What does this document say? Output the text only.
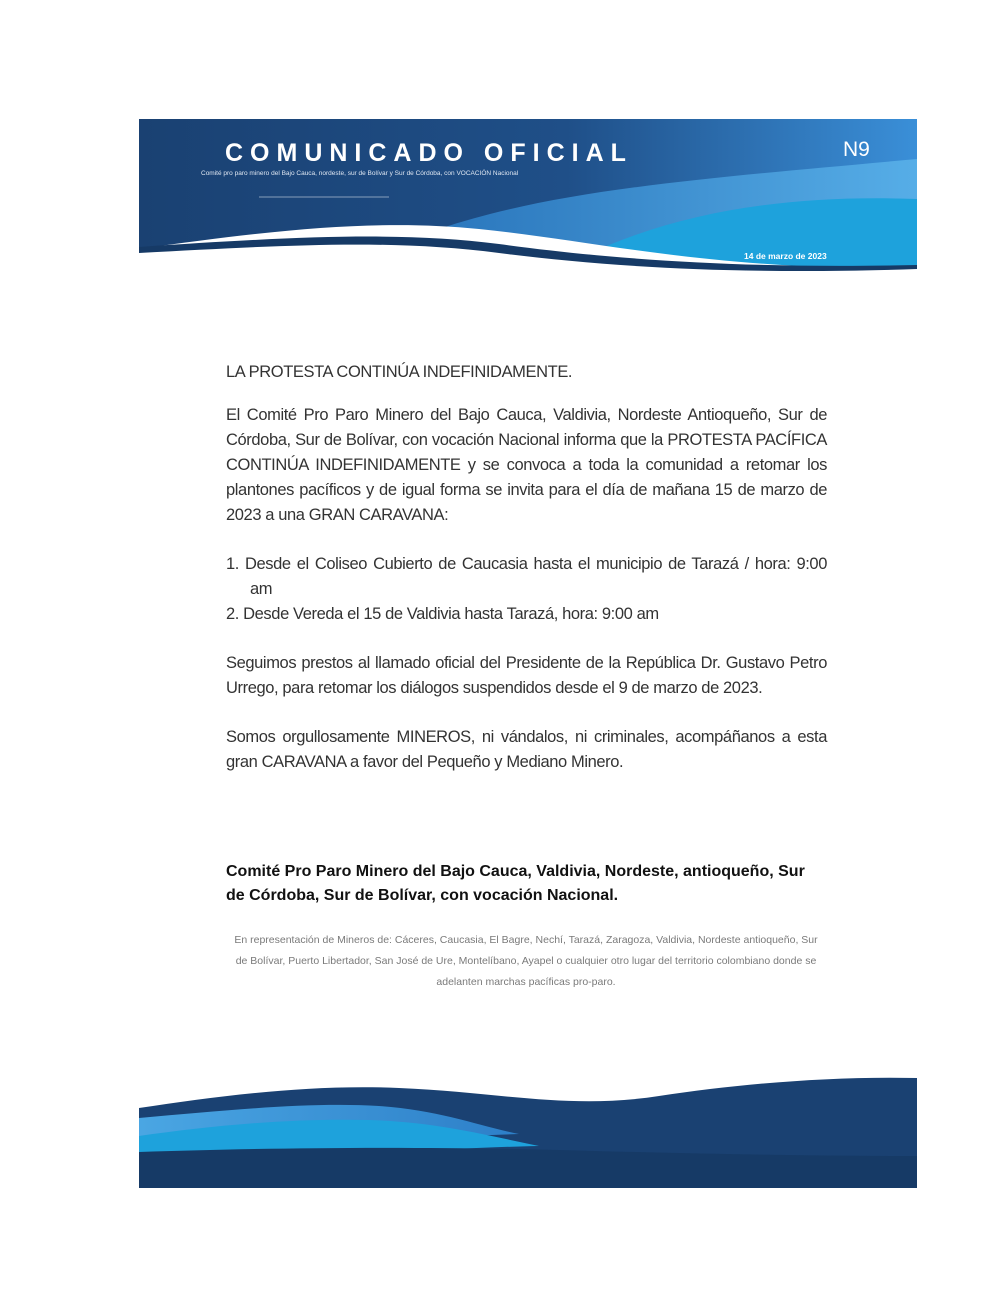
COMUNICADO OFICIAL
Comité pro paro minero del Bajo Cauca, nordeste, sur de Bolívar y Sur de Córdoba, con VOCACIÓN Nacional
N9
14 de marzo de 2023

LA PROTESTA CONTINÚA INDEFINIDAMENTE.

El Comité Pro Paro Minero del Bajo Cauca, Valdivia, Nordeste Antioqueño, Sur de Córdoba, Sur de Bolívar, con vocación Nacional informa que la PROTESTA PACÍFICA CONTINÚA INDEFINIDAMENTE y se convoca a toda la comunidad a retomar los plantones pacíficos y de igual forma se invita para el día de mañana 15 de marzo de 2023 a una GRAN CARAVANA:

1. Desde el Coliseo Cubierto de Caucasia hasta el municipio de Tarazá / hora: 9:00 am
2. Desde Vereda el 15 de Valdivia hasta Tarazá, hora: 9:00 am

Seguimos prestos al llamado oficial del Presidente de la República Dr. Gustavo Petro Urrego, para retomar los diálogos suspendidos desde el 9 de marzo de 2023.

Somos orgullosamente MINEROS, ni vándalos, ni criminales, acompáñanos a esta gran CARAVANA a favor del Pequeño y Mediano Minero.

Comité Pro Paro Minero del Bajo Cauca, Valdivia, Nordeste, antioqueño, Sur de Córdoba, Sur de Bolívar, con vocación Nacional.
En representación de Mineros de: Cáceres, Caucasia, El Bagre, Nechí, Tarazá, Zaragoza, Valdivia, Nordeste antioqueño, Sur de Bolívar, Puerto Libertador, San José de Ure, Montelíbano, Ayapel o cualquier otro lugar del territorio colombiano donde se adelanten marchas pacíficas pro-paro.
